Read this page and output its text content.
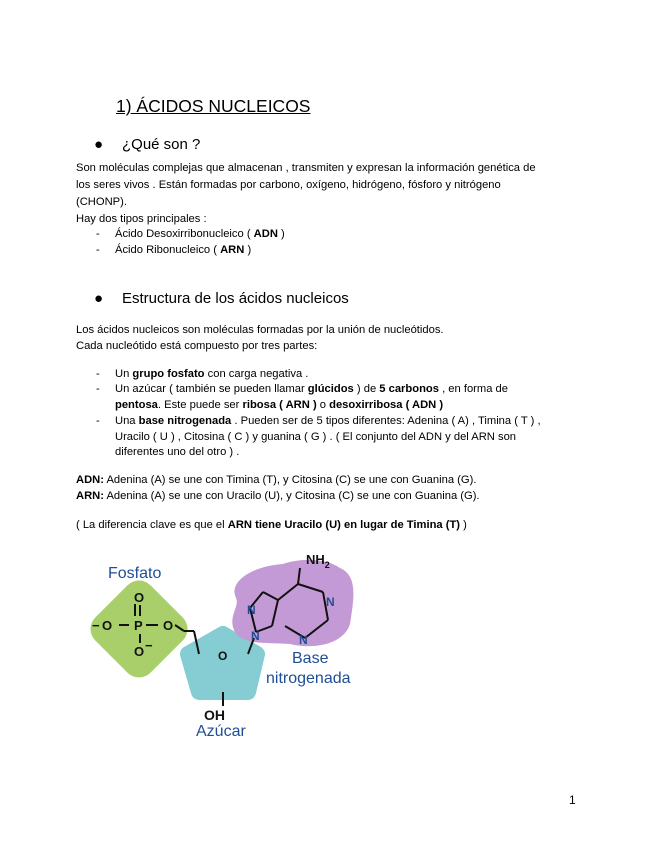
1) ÁCIDOS NUCLEICOS
● ¿Qué son ?
Son moléculas complejas que almacenan , transmiten y expresan la información genética de
los seres vivos . Están formadas por carbono, oxígeno, hidrógeno, fósforo y nitrógeno
(CHONP).
Hay dos tipos principales :
- Ácido Desoxirribonucleico ( ADN )
- Ácido Ribonucleico ( ARN )
● Estructura de los ácidos nucleicos
Los ácidos nucleicos son moléculas formadas por la unión de nucleótidos.
Cada nucleótido está compuesto por tres partes:
- Un grupo fosfato con carga negativa .
- Un azúcar ( también se pueden llamar glúcidos ) de 5 carbonos , en forma de
pentosa. Este puede ser ribosa ( ARN ) o desoxirribosa ( ADN )
- Una base nitrogenada . Pueden ser de 5 tipos diferentes: Adenina ( A) , Timina ( T ) ,
Uracilo ( U ) , Citosina ( C ) y guanina ( G ) . ( El conjunto del ADN y del ARN son
diferentes uno del otro ) .
ADN: Adenina (A) se une con Timina (T), y Citosina (C) se une con Guanina (G).
ARN: Adenina (A) se une con Uracilo (U), y Citosina (C) se une con Guanina (G).
( La diferencia clave es que el ARN tiene Uracilo (U) en lugar de Timina (T) )
Fosfato
$NH_2$
− O
O
P O
O −
O
N
N
N
N
Base
nitrogenada
OH
Azúcar
1
